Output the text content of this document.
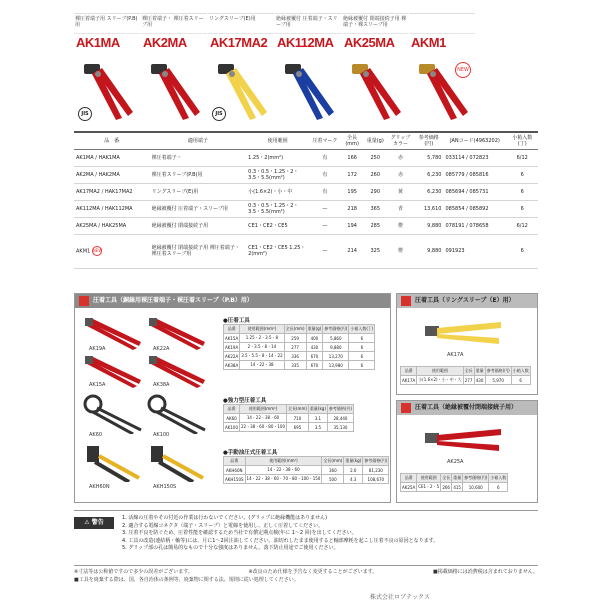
裸圧着端子用 スリーブ(P.B)用
AK1MA
JIS
裸圧着端子・ 裸圧着スリーブ用
AK2MA
リングスリーブ(E)用
AK17MA2
JIS
絶縁被覆付 圧着端子・スリーブ用
AK112MA
絶縁被覆付 閉端接続子用 裸端子・裸スリーブ用
AK25MA	AKM1
NEW
品　番	適用端子	使用範囲	圧着マーク	全長(mm)	重量(g)	グリップカラー	参考価格(円)	JANコード(4963202)	小箱入数(丁)
AK1MA / HAK1MA	裸圧着端子・	1.25・2(mm²)	有	166	250	赤	5,780	033114 / 072823	6/12
AK2MA / HAK2MA	裸圧着スリーブ(P.B)用	0.3・0.5・1.25・2・3.5・5.5(mm²)	有	172	260	赤	6,230	085779 / 085816	6
AK17MA2 / HAK17MA2	リングスリーブ(E)用	小(1.6×2)・小・中	有	195	290	黄	6,230	085694 / 085731	6
AK112MA / HAK112MA	絶縁被覆付 圧着端子・スリーブ用	0.3・0.5・1.25・2・3.5・5.5(mm²)	—	218	365	青	13,610	085854 / 085892	6
AK25MA / HAK25MA	絶縁被覆付 閉端接続子用	CE1・CE2・CE5	—	194	285	橙	9,880	078191 / 078658	6/12
AKM1 NEW	絶縁被覆付 閉端接続子用 裸圧着端子・裸圧着スリーブ用	CE1・CE2・CE5 1.25・2(mm²)	—	214	325	橙	9,880	091923	6
圧着工具（銅線用裸圧着端子・裸圧着スリーブ（P.B）用）
AK19A	AK22A
AK15A	AK38A
AK60	AK100
AKH60N	AKH150S
●圧着工具
品番	使用範囲(mm²)	全長(mm)	重量(g)	参考価格(円)	小箱入数(丁)
AK15A	1.25・2・3.5・8	259	400	5,860	6
AK19A	2・3.5・8・14	277	430	9,880	6
AK22A	3.5・5.5・8・14・22	336	670	13,270	6
AK38A	14・22・38	335	670	13,980	6
●強力型圧着工具
品番	使用範囲(mm²)	全長(mm)	重量(kg)	参考価格(円)
AK60	14・22・38・60	710	3.1	28,440
AK100	22・38・60・80・100	695	3.5	35,130
●手動油圧式圧着工具
品番	使用範囲(mm²)	全長(mm)	重量(kg)	参考価格(円)
AKH60N	14・22・38・60	360	2.0	81,230
AKH150S	14・22・38・60・70・80・100・150	500	4.3	108,670
圧着工具（リングスリーブ（E）用）
AK17A
品番	使用範囲	全長	重量	参考価格(円)	小箱入数
AK17A	小(1.6×2)・小・中・大	277	430	5,970	6
圧着工具（絶縁被覆付閉端接続子用）
AK25A
品番	使用範囲	全長	重量	参考価格(円)	小箱入数
AK25A	CE1・2・5	266	415	10,600	6
⚠ 警告
1. 活線の圧着やその付近の作業は行わないでください。(グリップに絶縁機能はありません)
2. 適合する電線コネクタ（端子・スリーブ）と電線を使用し、正しく圧着してください。
3. 圧着不良を防ぐため、圧着性能を確認するため当社で有償定期点検(年に 1～2 回)を出してください。
4. 工具の改造(連結柄・軸等)には、月に1～2回注油してください。油切れしたまま使用すると軸部摩耗を起こし圧着不良の原因となります。
5. グリップ部の孔は簡易的なもので十分な強度はありません。落下防止用途でご使用ください。
※寸法等は公称値ですので多少の誤差がございます。	※改良のため仕様を予告なく変更することがございます。	■掲載価格には消費税は含まれておりません。
■工具を廃棄する際は、国、各自治体の条例等、廃棄物に関する法、規則に従い処理してください。
株式会社ロブテックス
